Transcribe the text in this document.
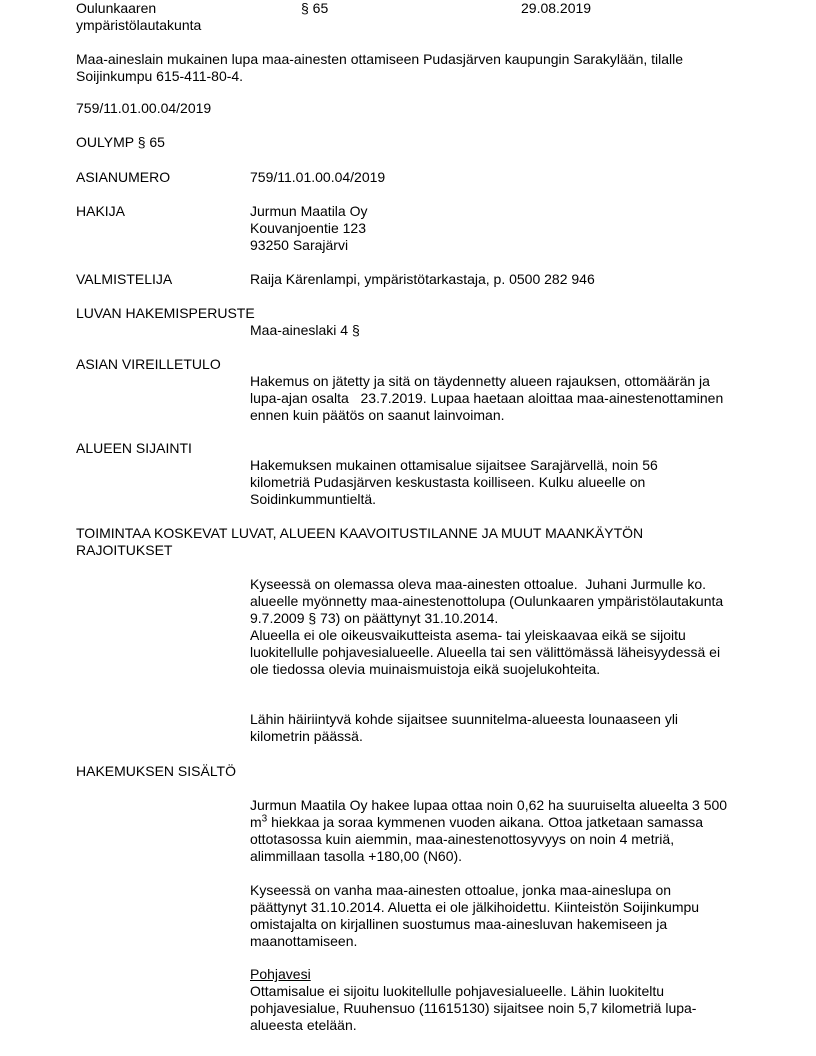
Oulunkaaren
ympäristölautakunta
§ 65	29.08.2019
Maa-aineslain mukainen lupa maa-ainesten ottamiseen Pudasjärven kaupungin Sarakylään, tilalle Soijinkumpu 615-411-80-4.
759/11.01.00.04/2019
OULYMP § 65
ASIANUMERO	759/11.01.00.04/2019
HAKIJA	Jurmun Maatila Oy
Kouvanjoentie 123
93250 Sarajärvi
VALMISTELIJA	Raija Kärenlampi, ympäristötarkastaja, p. 0500 282 946
LUVAN HAKEMISPERUSTE
Maa-aineslaki 4 §
ASIAN VIREILLETULO
Hakemus on jätetty ja sitä on täydennetty alueen rajauksen, ottomäärän ja lupa-ajan osalta   23.7.2019. Lupaa haetaan aloittaa maa-ainestenottaminen ennen kuin päätös on saanut lainvoiman.
ALUEEN SIJAINTI
Hakemuksen mukainen ottamisalue sijaitsee Sarajärvellä, noin 56 kilometriä Pudasjärven keskustasta koilliseen. Kulku alueelle on Soidinkummuntieltä.
TOIMINTAA KOSKEVAT LUVAT, ALUEEN KAAVOITUSTILANNE JA MUUT MAANKÄYTÖN RAJOITUKSET
Kyseessä on olemassa oleva maa-ainesten ottoalue.  Juhani Jurmulle ko. alueelle myönnetty maa-ainestenottolupa (Oulunkaaren ympäristölautakunta 9.7.2009 § 73) on päättynyt 31.10.2014.
Alueella ei ole oikeusvaikutteista asema- tai yleiskaavaa eikä se sijoitu luokitellulle pohjavesialueelle. Alueella tai sen välittömässä läheisyydessä ei ole tiedossa olevia muinaismuistoja eikä suojelukohteita.
Lähin häiriintyvä kohde sijaitsee suunnitelma-alueesta lounaaseen yli kilometrin päässä.
HAKEMUKSEN SISÄLTÖ
Jurmun Maatila Oy hakee lupaa ottaa noin 0,62 ha suuruiselta alueelta 3 500 $m^3$ hiekkaa ja soraa kymmenen vuoden aikana. Ottoa jatketaan samassa ottotasossa kuin aiemmin, maa-ainestenottosyvyys on noin 4 metriä, alimmillaan tasolla +180,00 (N60).
Kyseessä on vanha maa-ainesten ottoalue, jonka maa-aineslupa on päättynyt 31.10.2014. Aluetta ei ole jälkihoidettu. Kiinteistön Soijinkumpu omistajalta on kirjallinen suostumus maa-ainesluvan hakemiseen ja maanottamiseen.
Pohjavesi
Ottamisalue ei sijoitu luokitellulle pohjavesialueelle. Lähin luokiteltu pohjavesialue, Ruuhensuo (11615130) sijaitsee noin 5,7 kilometriä lupa-alueesta etelään.
